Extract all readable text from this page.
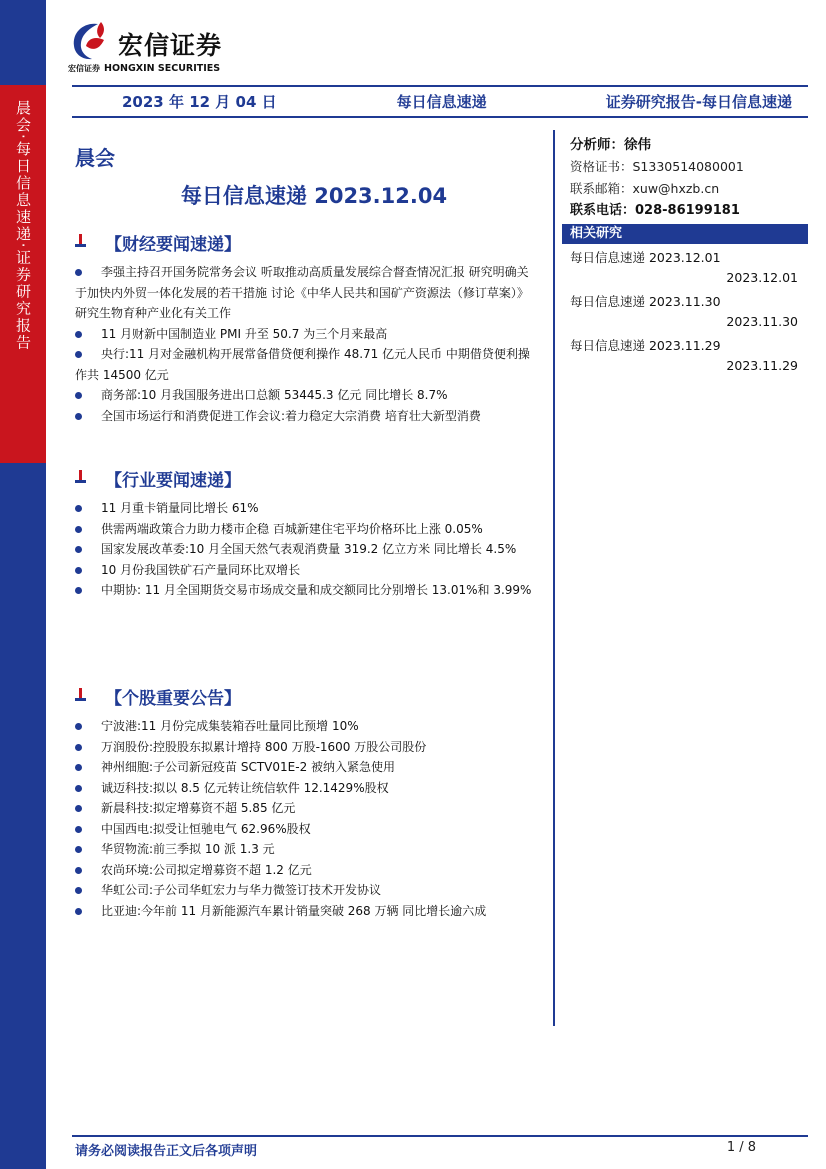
晨会·每日信息速递·证券研究报告
宏信证券
宏信证券 HONGXIN SECURITIES
2023 年 12 月 04 日	每日信息速递	证券研究报告-每日信息速递
晨会
每日信息速递 2023.12.04
【财经要闻速递】
李强主持召开国务院常务会议 听取推动高质量发展综合督查情况汇报 研究明确关于加快内外贸一体化发展的若干措施 讨论《中华人民共和国矿产资源法（修订草案）》 研究生物育种产业化有关工作
11 月财新中国制造业 PMI 升至 50.7 为三个月来最高
央行:11 月对金融机构开展常备借贷便利操作 48.71 亿元人民币 中期借贷便利操作共 14500 亿元
商务部:10 月我国服务进出口总额 53445.3 亿元 同比增长 8.7%
全国市场运行和消费促进工作会议:着力稳定大宗消费 培育壮大新型消费
【行业要闻速递】
11 月重卡销量同比增长 61%
供需两端政策合力助力楼市企稳 百城新建住宅平均价格环比上涨 0.05%
国家发展改革委:10 月全国天然气表观消费量 319.2 亿立方米 同比增长 4.5%
10 月份我国铁矿石产量同环比双增长
中期协: 11 月全国期货交易市场成交量和成交额同比分别增长 13.01%和 3.99%
【个股重要公告】
宁波港:11 月份完成集装箱吞吐量同比预增 10%
万润股份:控股股东拟累计增持 800 万股-1600 万股公司股份
神州细胞:子公司新冠疫苗 SCTV01E-2 被纳入紧急使用
诚迈科技:拟以 8.5 亿元转让统信软件 12.1429%股权
新晨科技:拟定增募资不超 5.85 亿元
中国西电:拟受让恒驰电气 62.96%股权
华贸物流:前三季拟 10 派 1.3 元
农尚环境:公司拟定增募资不超 1.2 亿元
华虹公司:子公司华虹宏力与华力微签订技术开发协议
比亚迪:今年前 11 月新能源汽车累计销量突破 268 万辆 同比增长逾六成
分析师：徐伟
资格证书：S1330514080001
联系邮箱：xuw@hxzb.cn
联系电话：028-86199181
相关研究
每日信息速递 2023.12.01
2023.12.01
每日信息速递 2023.11.30
2023.11.30
每日信息速递 2023.11.29
2023.11.29
请务必阅读报告正文后各项声明	1 / 8
